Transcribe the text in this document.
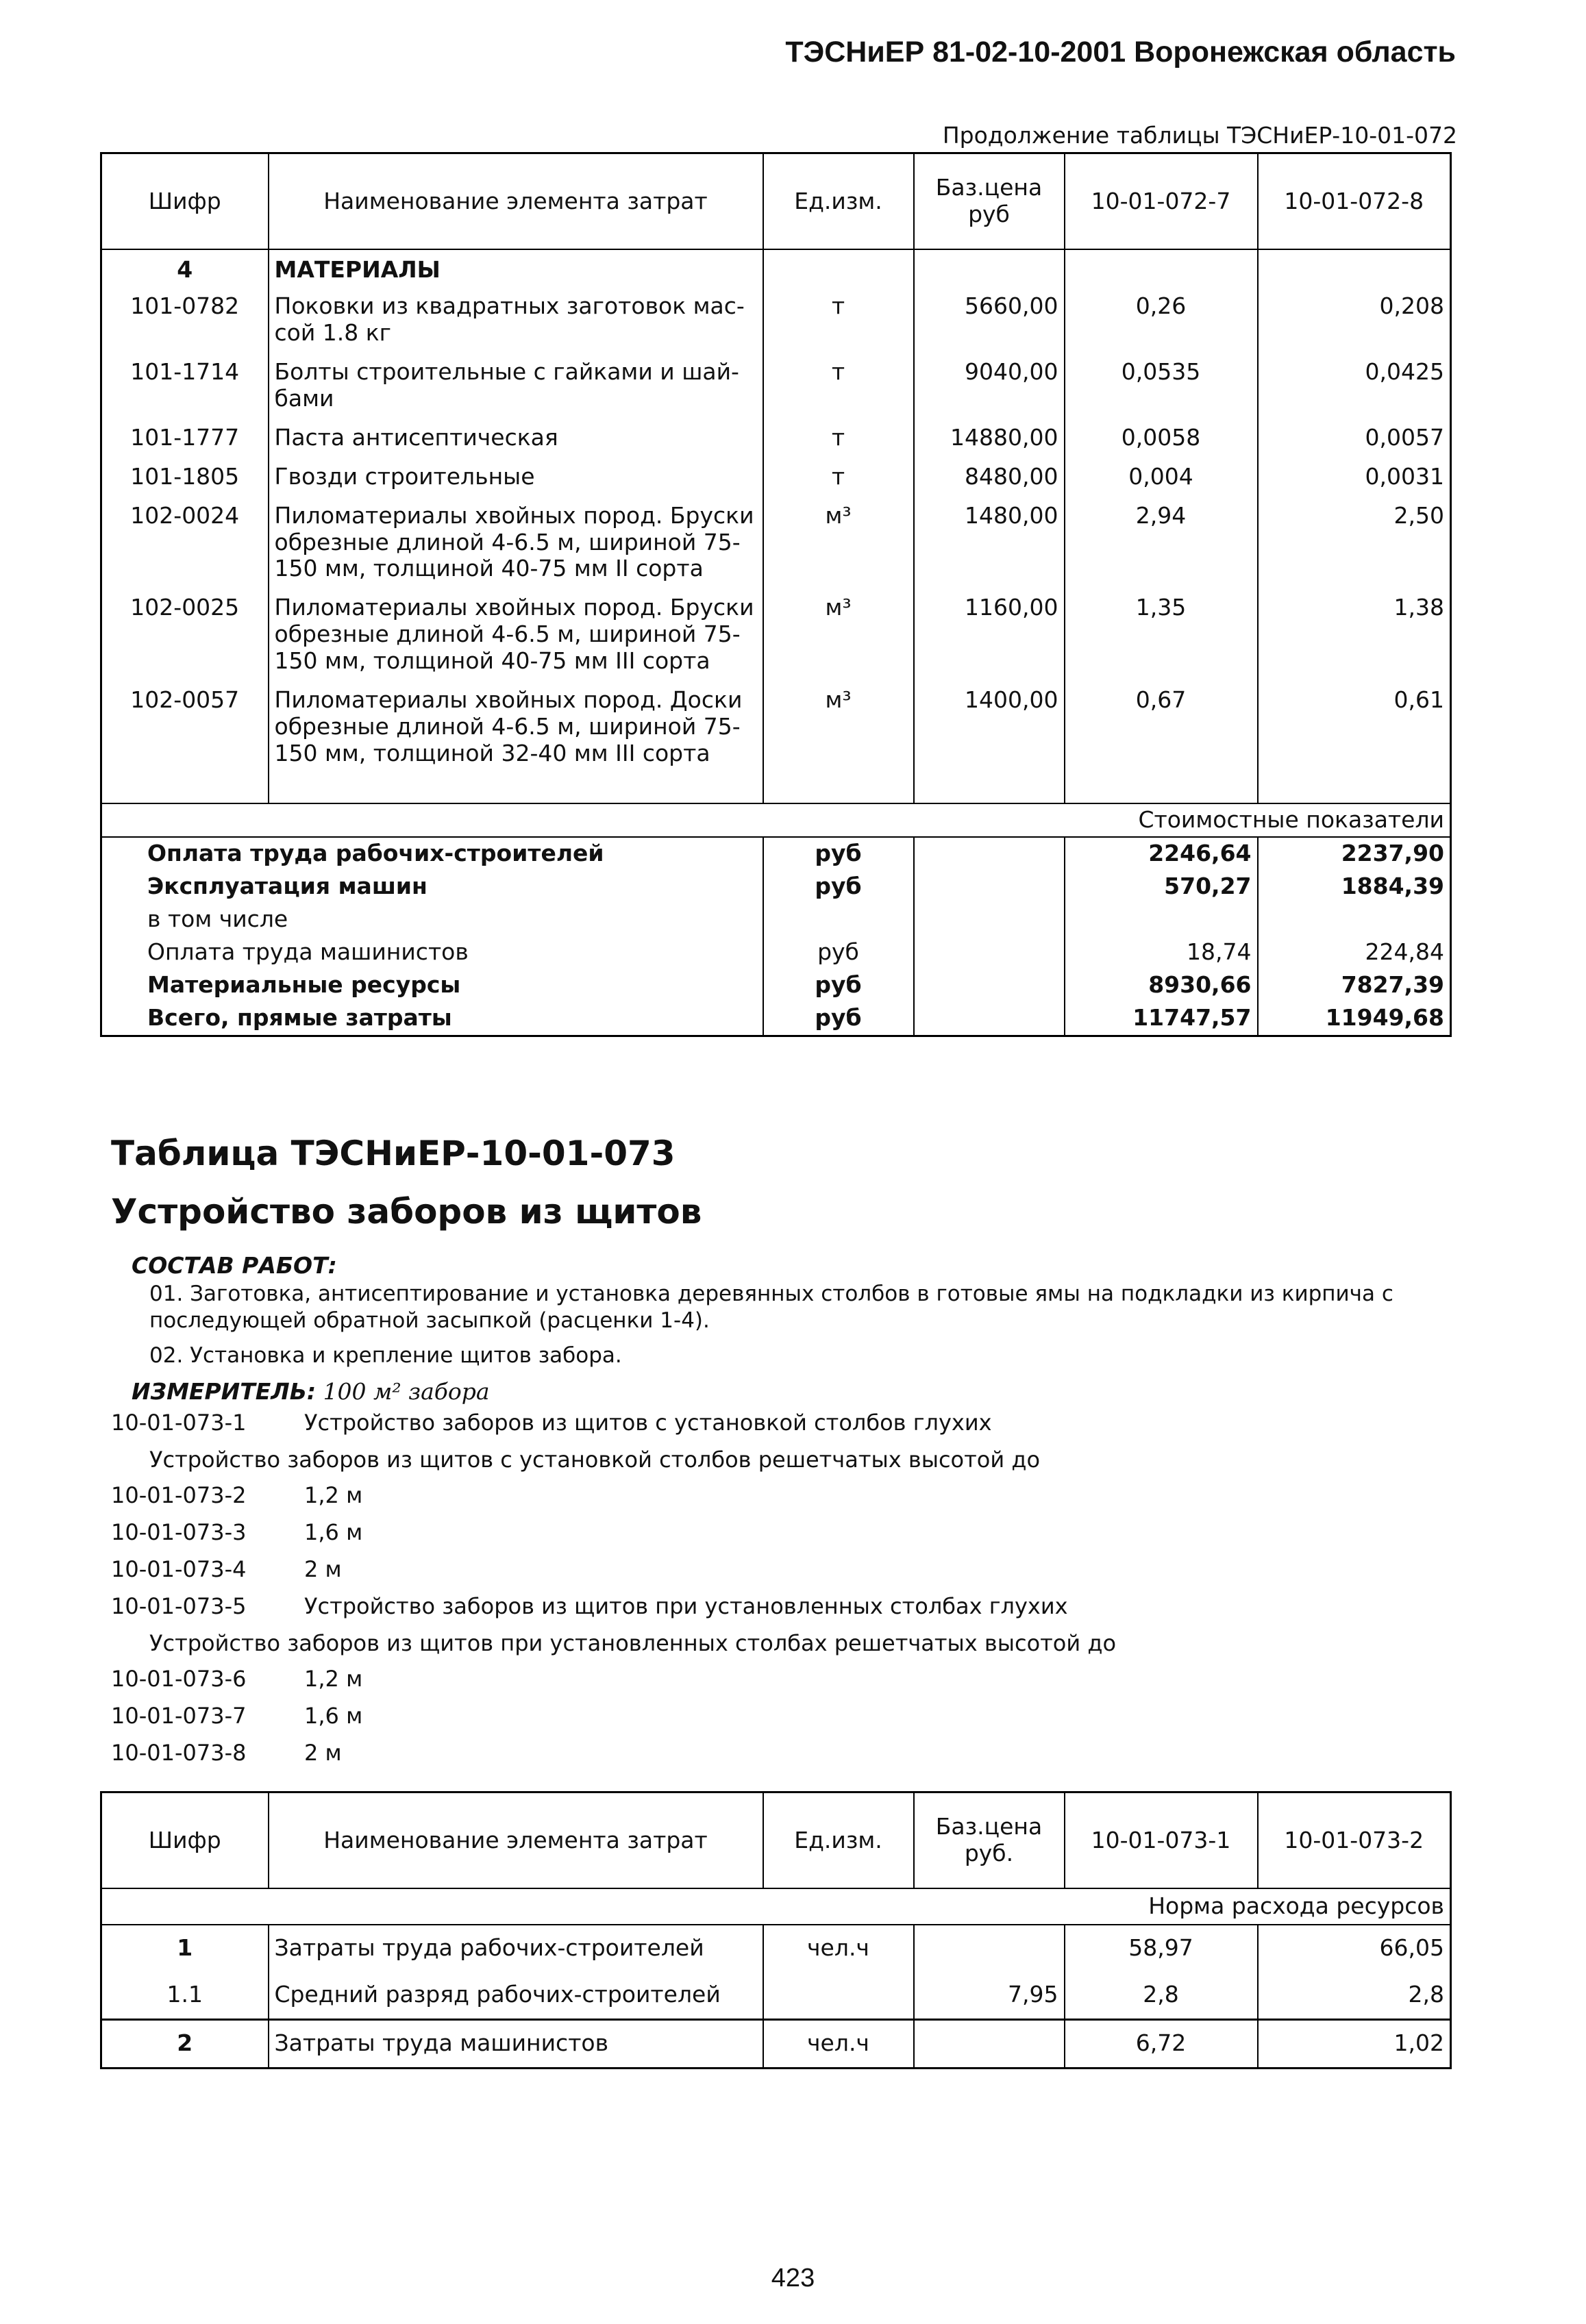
ТЭСНиЕР 81-02-10-2001 Воронежская область
Продолжение таблицы ТЭСНиЕР-10-01-072
Шифр	Наименование элемента затрат	Ед.изм.	Баз.цена руб	10-01-072-7	10-01-072-8
4	МАТЕРИАЛЫ				
101-0782	Поковки из квадратных заготовок мас-сой 1.8 кг	т	5660,00	0,26	0,208
101-1714	Болты строительные с гайками и шай-бами	т	9040,00	0,0535	0,0425
101-1777	Паста антисептическая	т	14880,00	0,0058	0,0057
101-1805	Гвозди строительные	т	8480,00	0,004	0,0031
102-0024	Пиломатериалы хвойных пород. Бруски обрезные длиной 4-6.5 м, шириной 75-150 мм, толщиной 40-75 мм II сорта	м³	1480,00	2,94	2,50
102-0025	Пиломатериалы хвойных пород. Бруски обрезные длиной 4-6.5 м, шириной 75-150 мм, толщиной 40-75 мм III сорта	м³	1160,00	1,35	1,38
102-0057	Пиломатериалы хвойных пород. Доски обрезные длиной 4-6.5 м, шириной 75-150 мм, толщиной 32-40 мм III сорта	м³	1400,00	0,67	0,61

Стоимостные показатели					
Оплата труда рабочих-строителей		руб		2246,64	2237,90
Эксплуатация машин		руб		570,27	1884,39
в том числе					
Оплата труда машинистов		руб		18,74	224,84
Материальные ресурсы		руб		8930,66	7827,39
Всего, прямые затраты		руб		11747,57	11949,68
Таблица ТЭСНиЕР-10-01-073
Устройство заборов из щитов
СОСТАВ РАБОТ:
01. Заготовка, антисептирование и установка деревянных столбов в готовые ямы на подкладки из кирпича с последующей обратной засыпкой (расценки 1-4).
02. Установка и крепление щитов забора.
ИЗМЕРИТЕЛЬ: 100 м² забора
10-01-073-1	Устройство заборов из щитов с установкой столбов глухих
Устройство заборов из щитов с установкой столбов решетчатых высотой до
10-01-073-2	1,2 м
10-01-073-3	1,6 м
10-01-073-4	2 м
10-01-073-5	Устройство заборов из щитов при установленных столбах глухих
Устройство заборов из щитов при установленных столбах решетчатых высотой до
10-01-073-6	1,2 м
10-01-073-7	1,6 м
10-01-073-8	2 м
Шифр	Наименование элемента затрат	Ед.изм.	Баз.цена руб.	10-01-073-1	10-01-073-2
Норма расхода ресурсов					
1	Затраты труда рабочих-строителей	чел.ч		58,97	66,05
1.1	Средний разряд рабочих-строителей		7,95	2,8	2,8
2	Затраты труда машинистов	чел.ч		6,72	1,02
423
